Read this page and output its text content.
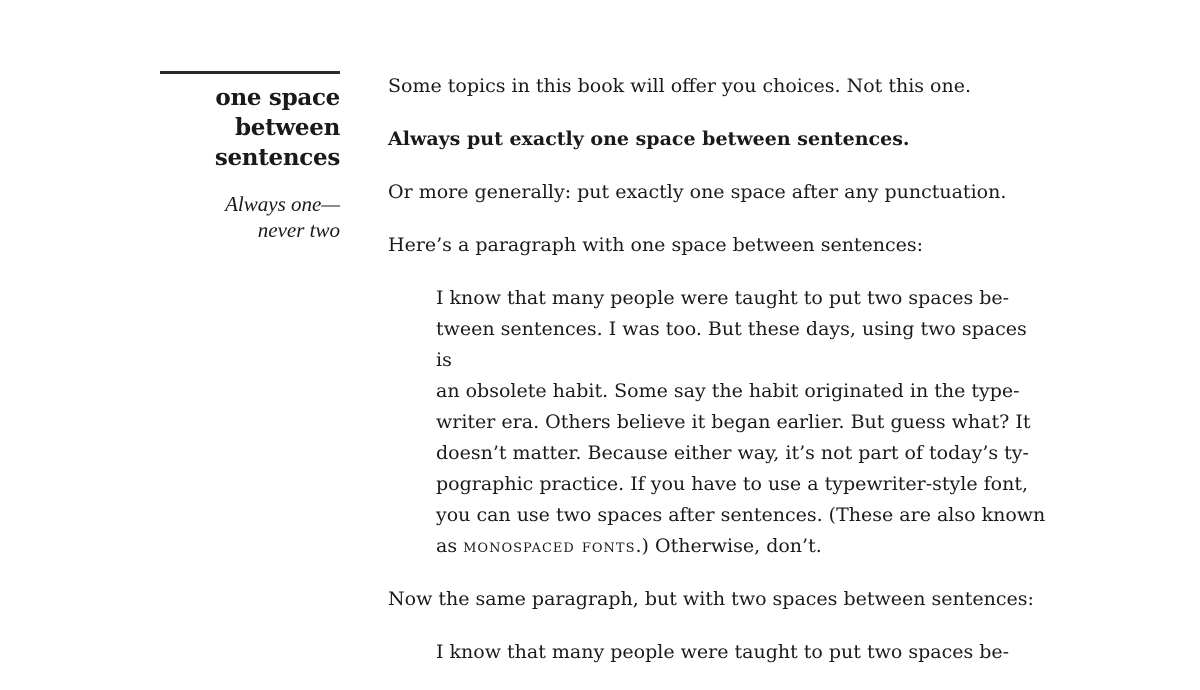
one space
between
sentences
Always one—
never two

Some topics in this book will offer you choices. Not this one.

Always put exactly one space between sentences.

Or more generally: put exactly one space after any punctuation.

Here’s a paragraph with one space between sentences:

I know that many people were taught to put two spaces be-
tween sentences. I was too. But these days, using two spaces is
an obsolete habit. Some say the habit originated in the type-
writer era. Others believe it began earlier. But guess what? It
doesn’t matter. Because either way, it’s not part of today’s ty-
pographic practice. If you have to use a typewriter-style font,
you can use two spaces after sentences. (These are also known
as monospaced fonts.) Otherwise, don’t.

Now the same paragraph, but with two spaces between sentences:

I know that many people were taught to put two spaces be-
